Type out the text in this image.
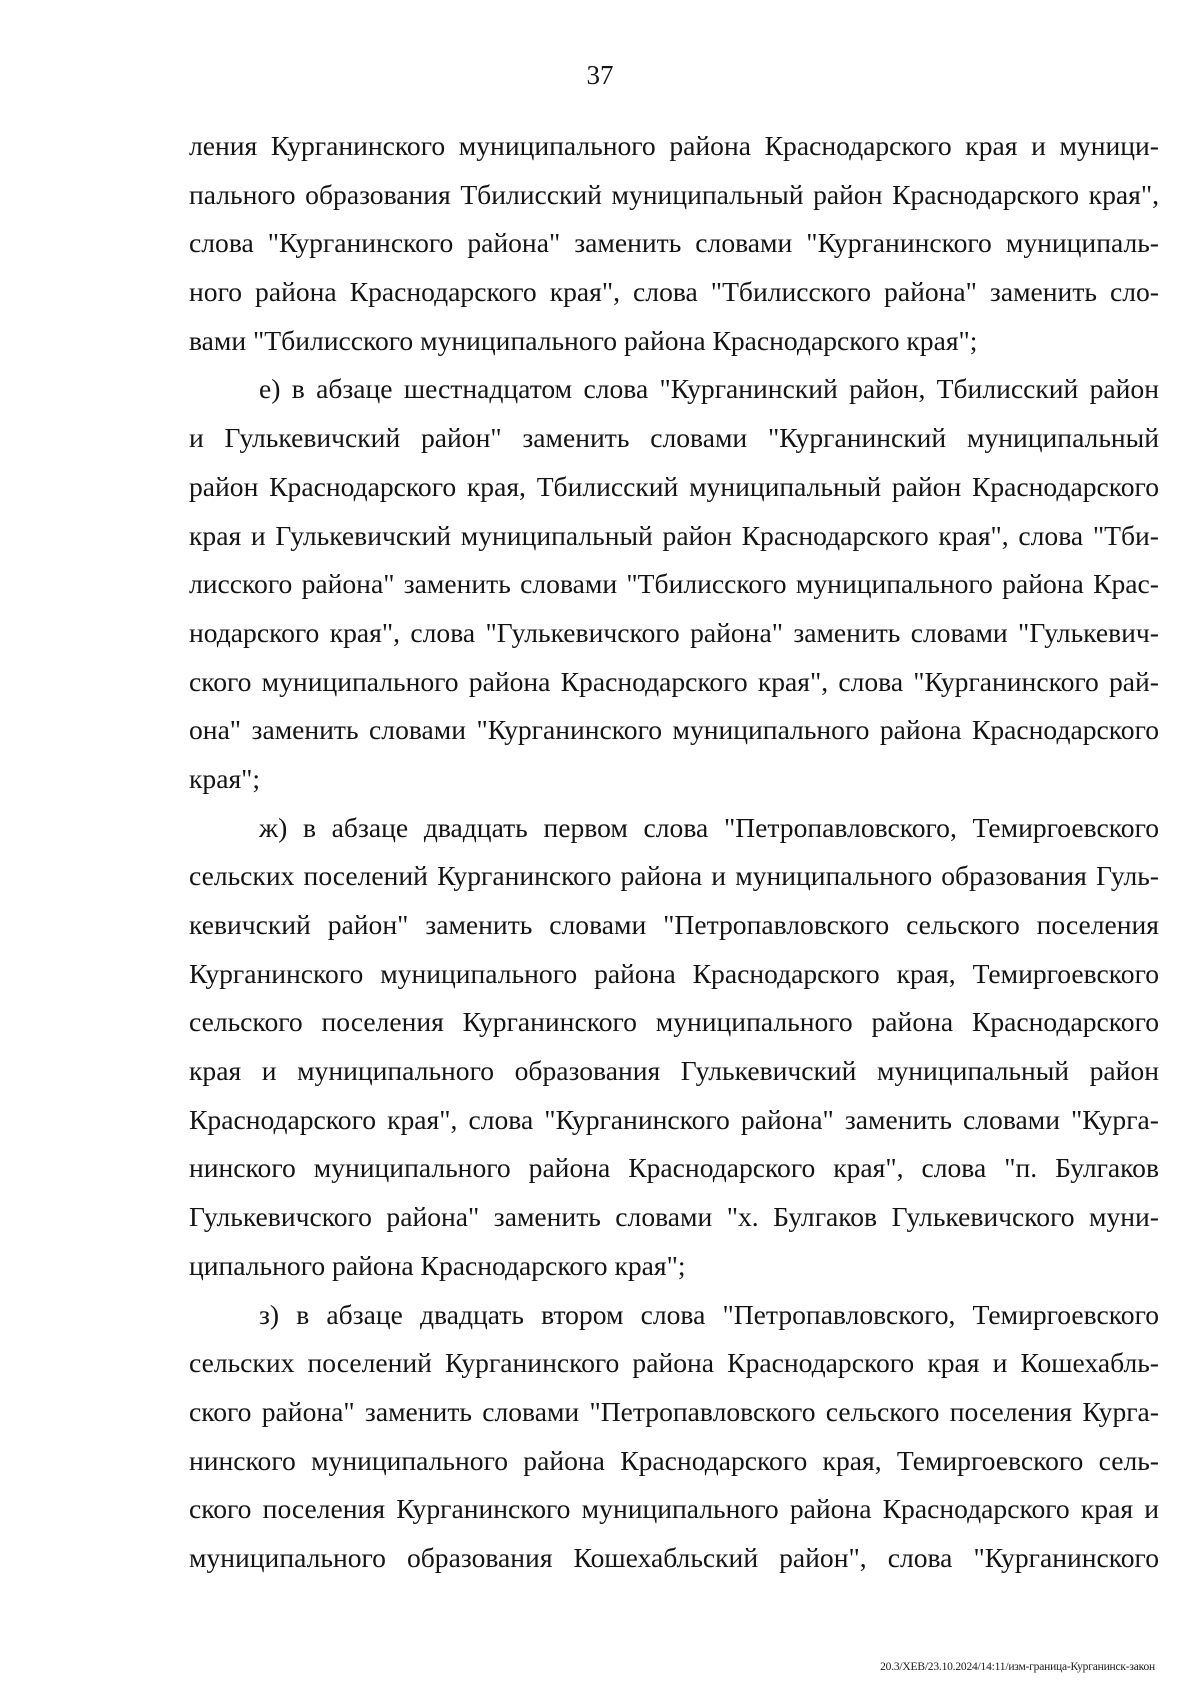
37
ления Курганинского муниципального района Краснодарского края и муници-
пального образования Тбилисский муниципальный район Краснодарского края",
слова "Курганинского района" заменить словами "Курганинского муниципаль-
ного района Краснодарского края", слова "Тбилисского района" заменить сло-
вами "Тбилисского муниципального района Краснодарского края";
е) в абзаце шестнадцатом слова "Курганинский район, Тбилисский район
и Гулькевичский район" заменить словами "Курганинский муниципальный
район Краснодарского края, Тбилисский муниципальный район Краснодарского
края и Гулькевичский муниципальный район Краснодарского края", слова "Тби-
лисского района" заменить словами "Тбилисского муниципального района Крас-
нодарского края", слова "Гулькевичского района" заменить словами "Гулькевич-
ского муниципального района Краснодарского края", слова "Курганинского рай-
она" заменить словами "Курганинского муниципального района Краснодарского
края";
ж) в абзаце двадцать первом слова "Петропавловского, Темиргоевского
сельских поселений Курганинского района и муниципального образования Гуль-
кевичский район" заменить словами "Петропавловского сельского поселения
Курганинского муниципального района Краснодарского края, Темиргоевского
сельского поселения Курганинского муниципального района Краснодарского
края и муниципального образования Гулькевичский муниципальный район
Краснодарского края", слова "Курганинского района" заменить словами "Курга-
нинского муниципального района Краснодарского края", слова "п. Булгаков
Гулькевичского района" заменить словами "х. Булгаков Гулькевичского муни-
ципального района Краснодарского края";
з) в абзаце двадцать втором слова "Петропавловского, Темиргоевского
сельских поселений Курганинского района Краснодарского края и Кошехабль-
ского района" заменить словами "Петропавловского сельского поселения Курга-
нинского муниципального района Краснодарского края, Темиргоевского сель-
ского поселения Курганинского муниципального района Краснодарского края и
муниципального образования Кошехабльский район", слова "Курганинского
20.3/ХЕВ/23.10.2024/14:11/изм-граница-Курганинск-закон
